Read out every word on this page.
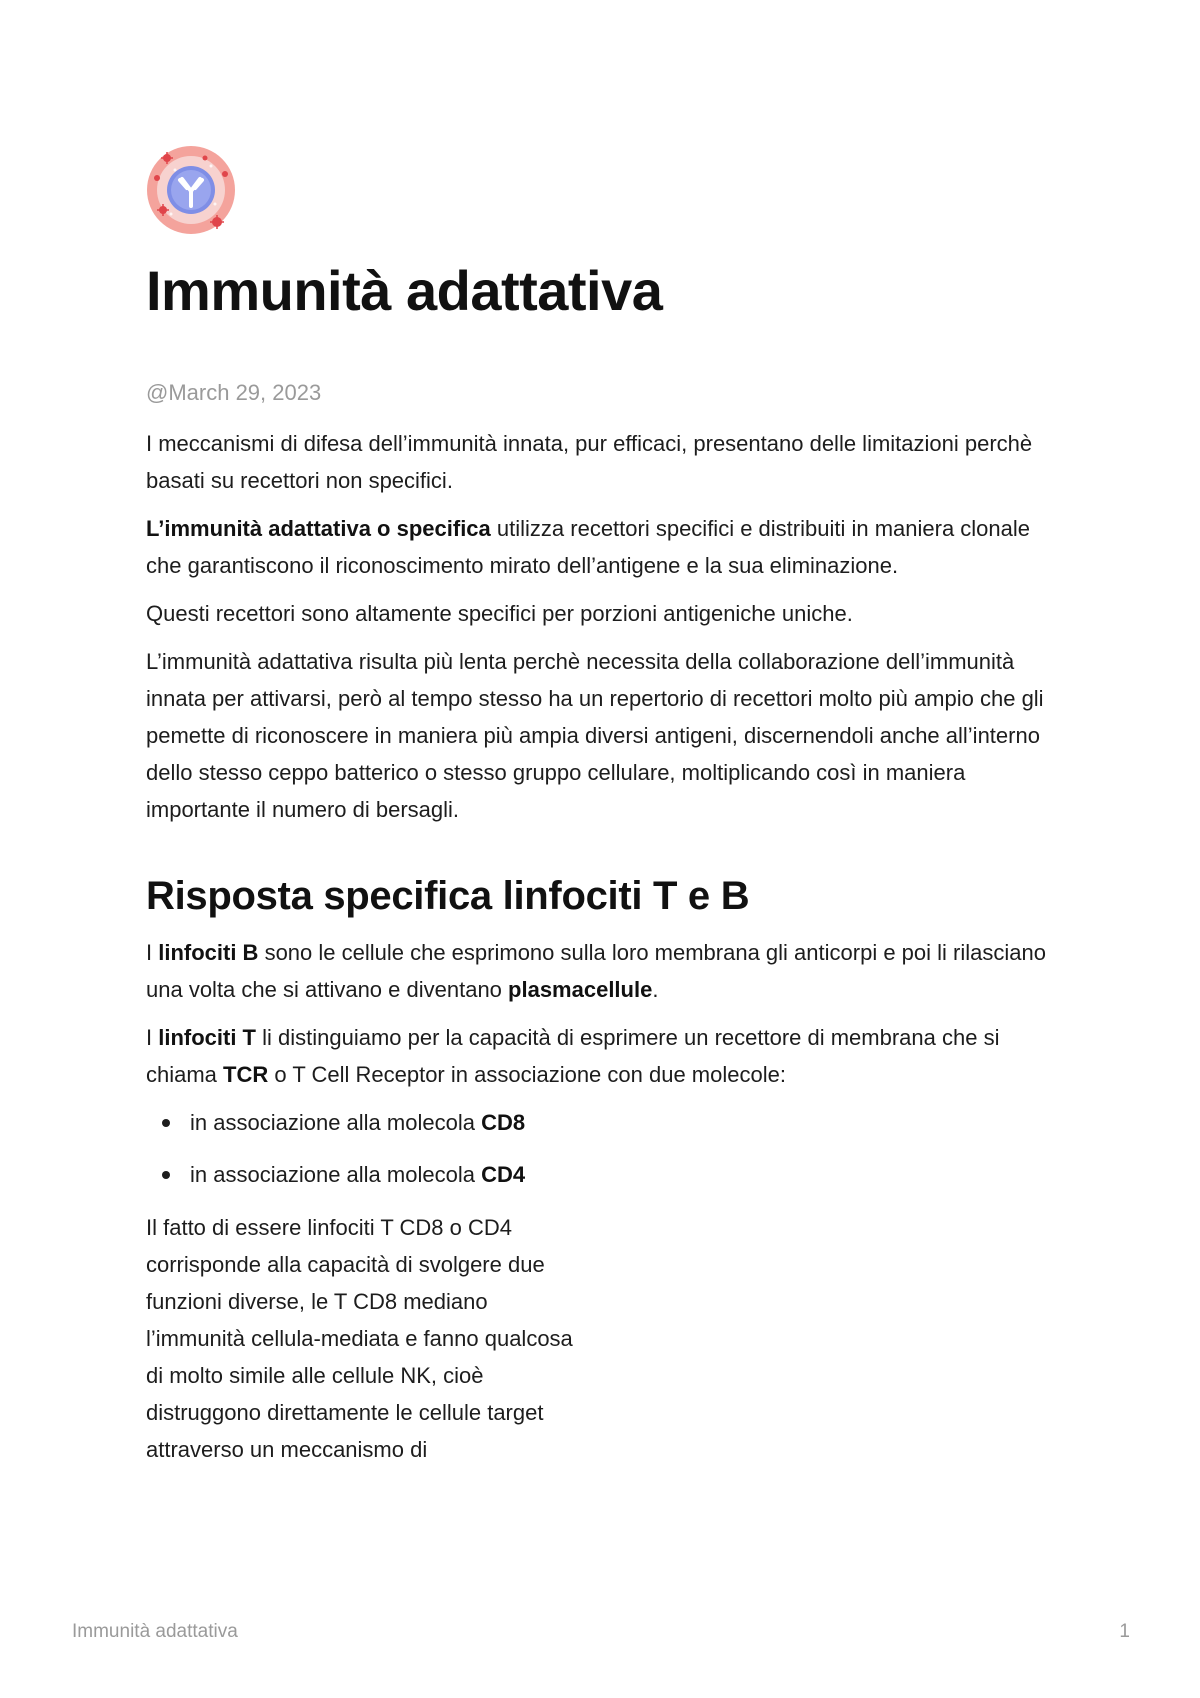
Immunità adattativa

@March 29, 2023

I meccanismi di difesa dell’immunità innata, pur efficaci, presentano delle limitazioni perchè basati su recettori non specifici.

L’immunità adattativa o specifica utilizza recettori specifici e distribuiti in maniera clonale che garantiscono il riconoscimento mirato dell’antigene e la sua eliminazione.

Questi recettori sono altamente specifici per porzioni antigeniche uniche.

L’immunità adattativa risulta più lenta perchè necessita della collaborazione dell’immunità innata per attivarsi, però al tempo stesso ha un repertorio di recettori molto più ampio che gli pemette di riconoscere in maniera più ampia diversi antigeni, discernendoli anche all’interno dello stesso ceppo batterico o stesso gruppo cellulare, moltiplicando così in maniera importante il numero di bersagli.

Risposta specifica linfociti T e B

I linfociti B sono le cellule che esprimono sulla loro membrana gli anticorpi e poi li rilasciano una volta che si attivano e diventano plasmacellule.

I linfociti T li distinguiamo per la capacità di esprimere un recettore di membrana che si chiama TCR o T Cell Receptor in associazione con due molecole:

in associazione alla molecola CD8
in associazione alla molecola CD4

Il fatto di essere linfociti T CD8 o CD4 corrisponde alla capacità di svolgere due funzioni diverse, le T CD8 mediano l’immunità cellula-mediata e fanno qualcosa di molto simile alle cellule NK, cioè distruggono direttamente le cellule target attraverso un meccanismo di

Immunità adattativa	1
